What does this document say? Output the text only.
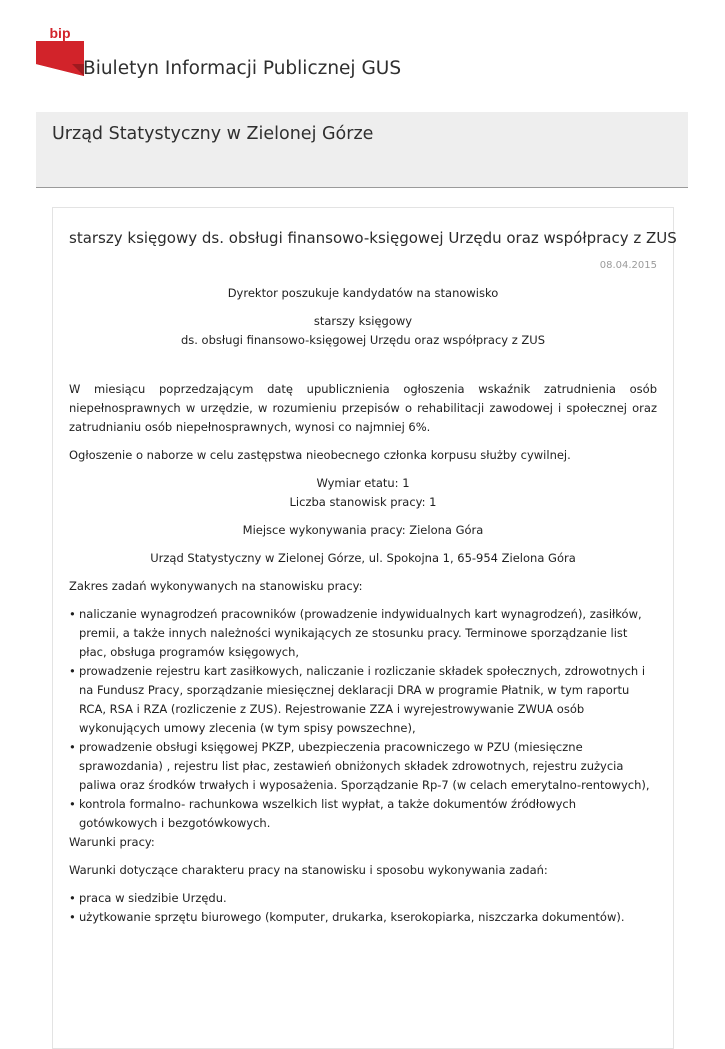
bip
Biuletyn Informacji Publicznej GUS
Urząd Statystyczny w Zielonej Górze
starszy księgowy ds. obsługi finansowo-księgowej Urzędu oraz współpracy z ZUS
08.04.2015

Dyrektor poszukuje kandydatów na stanowisko

starszy księgowy

ds. obsługi finansowo-księgowej Urzędu oraz współpracy z ZUS

W miesiącu poprzedzającym datę upublicznienia ogłoszenia wskaźnik zatrudnienia osób niepełnosprawnych w urzędzie, w rozumieniu przepisów o rehabilitacji zawodowej i społecznej oraz zatrudnianiu osób niepełnosprawnych, wynosi co najmniej 6%.

Ogłoszenie o naborze w celu zastępstwa nieobecnego członka korpusu służby cywilnej.

Wymiar etatu: 1

Liczba stanowisk pracy: 1

Miejsce wykonywania pracy: Zielona Góra

Urząd Statystyczny w Zielonej Górze, ul. Spokojna 1, 65-954 Zielona Góra

Zakres zadań wykonywanych na stanowisku pracy:

• naliczanie wynagrodzeń pracowników (prowadzenie indywidualnych kart wynagrodzeń), zasiłków, premii, a także innych należności wynikających ze stosunku pracy. Terminowe sporządzanie list płac, obsługa programów księgowych,
• prowadzenie rejestru kart zasiłkowych, naliczanie i rozliczanie składek społecznych, zdrowotnych i na Fundusz Pracy, sporządzanie miesięcznej deklaracji DRA w programie Płatnik, w tym raportu RCA, RSA i RZA (rozliczenie z ZUS). Rejestrowanie ZZA i wyrejestrowywanie ZWUA osób wykonujących umowy zlecenia (w tym spisy powszechne),
• prowadzenie obsługi księgowej PKZP, ubezpieczenia pracowniczego w PZU (miesięczne sprawozdania) , rejestru list płac, zestawień obniżonych składek zdrowotnych, rejestru zużycia paliwa oraz środków trwałych i wyposażenia. Sporządzanie Rp-7 (w celach emerytalno-rentowych),
• kontrola formalno- rachunkowa wszelkich list wypłat, a także dokumentów źródłowych gotówkowych i bezgotówkowych.

Warunki pracy:

Warunki dotyczące charakteru pracy na stanowisku i sposobu wykonywania zadań:

• praca w siedzibie Urzędu.
• użytkowanie sprzętu biurowego (komputer, drukarka, kserokopiarka, niszczarka dokumentów).
